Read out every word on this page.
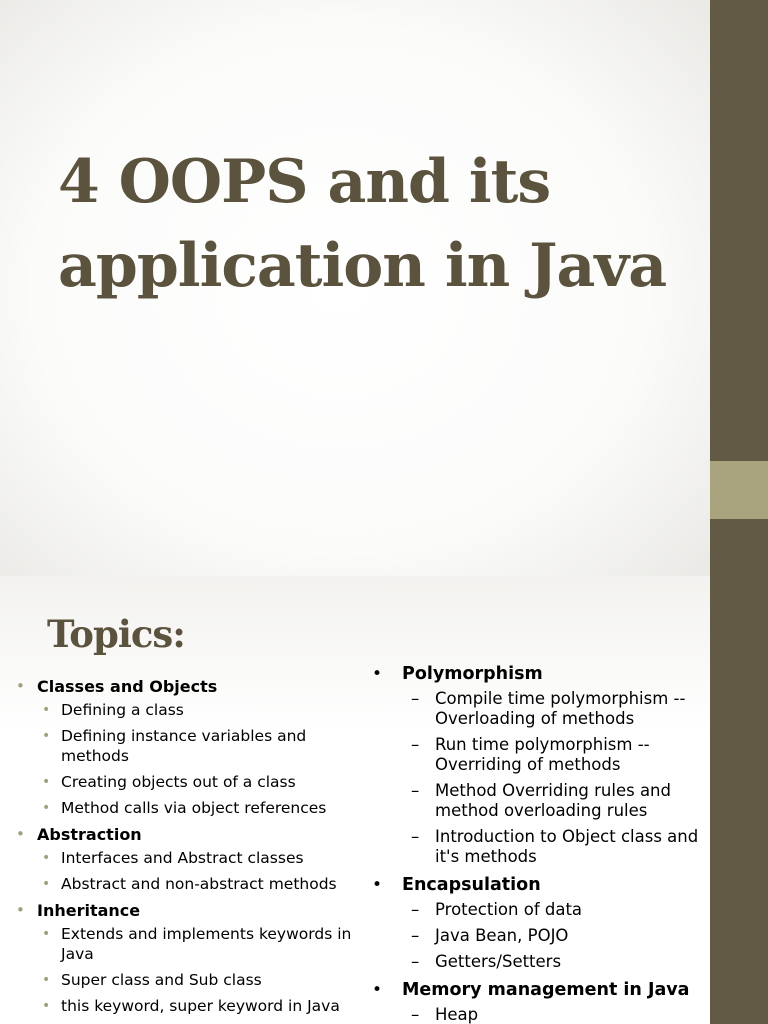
4 OOPS and its
application in Java
Topics:
• Classes and Objects
• Defining a class
• Defining instance variables and methods
• Creating objects out of a class
• Method calls via object references
• Abstraction
• Interfaces and Abstract classes
• Abstract and non-abstract methods
• Inheritance
• Extends and implements keywords in Java
• Super class and Sub class
• this keyword, super keyword in Java
• Polymorphism
– Compile time polymorphism -- Overloading of methods
– Run time polymorphism -- Overriding of methods
– Method Overriding rules and method overloading rules
– Introduction to Object class and it's methods
• Encapsulation
– Protection of data
– Java Bean, POJO
– Getters/Setters
• Memory management in Java
– Heap
